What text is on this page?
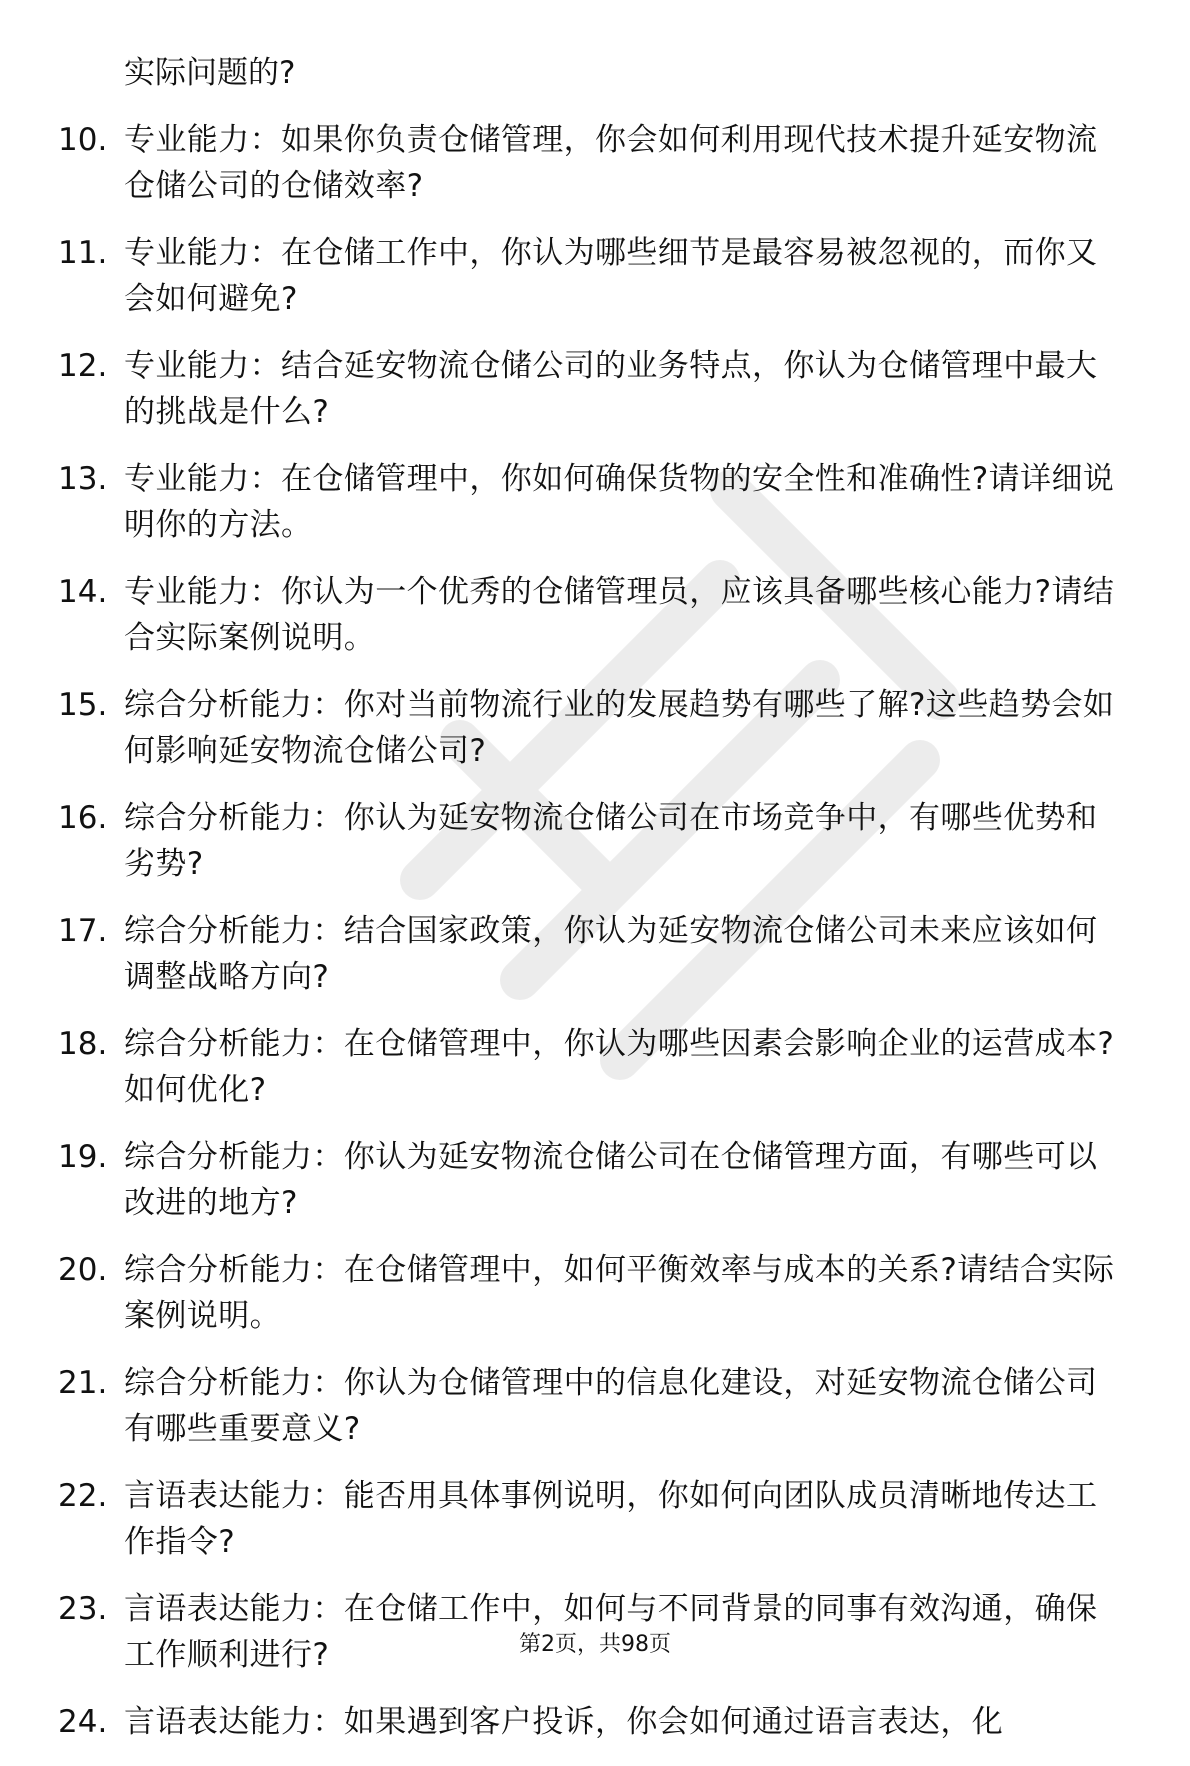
实际问题的?
10. 专业能力：如果你负责仓储管理，你会如何利用现代技术提升延安物流仓储公司的仓储效率?
11. 专业能力：在仓储工作中，你认为哪些细节是最容易被忽视的，而你又会如何避免?
12. 专业能力：结合延安物流仓储公司的业务特点，你认为仓储管理中最大的挑战是什么?
13. 专业能力：在仓储管理中，你如何确保货物的安全性和准确性?请详细说明你的方法。
14. 专业能力：你认为一个优秀的仓储管理员，应该具备哪些核心能力?请结合实际案例说明。
15. 综合分析能力：你对当前物流行业的发展趋势有哪些了解?这些趋势会如何影响延安物流仓储公司?
16. 综合分析能力：你认为延安物流仓储公司在市场竞争中，有哪些优势和劣势?
17. 综合分析能力：结合国家政策，你认为延安物流仓储公司未来应该如何调整战略方向?
18. 综合分析能力：在仓储管理中，你认为哪些因素会影响企业的运营成本?如何优化?
19. 综合分析能力：你认为延安物流仓储公司在仓储管理方面，有哪些可以改进的地方?
20. 综合分析能力：在仓储管理中，如何平衡效率与成本的关系?请结合实际案例说明。
21. 综合分析能力：你认为仓储管理中的信息化建设，对延安物流仓储公司有哪些重要意义?
22. 言语表达能力：能否用具体事例说明，你如何向团队成员清晰地传达工作指令?
23. 言语表达能力：在仓储工作中，如何与不同背景的同事有效沟通，确保工作顺利进行?
24. 言语表达能力：如果遇到客户投诉，你会如何通过语言表达，化
第2页，共98页
